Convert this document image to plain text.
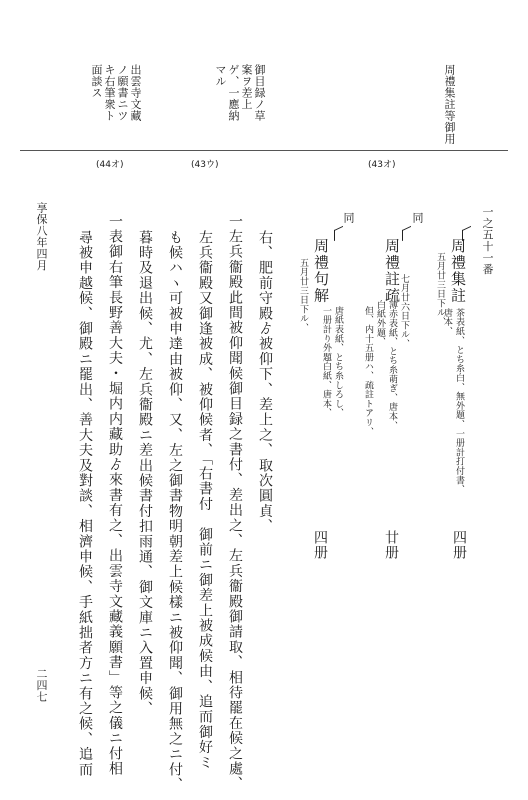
周禮集註等御用
御目録ノ草案ヲ差上ゲ、一應納マル
出雲寺文藏ノ願書ニツキ右筆衆ト面談ス
(43オ)
(43ウ)
(44オ)
一之五十一番
周禮集註
五月廿三日下ル、
茶表紙、とち糸白、無外題、一册計打付書、
唐本、
四册
同
周禮註疏
七月廿六日下ル、
薄赤表紙、とち糸萌ぎ、唐本、
白紙外題、
但、内十五册ハ、疏註トアリ、
廿册
同
周禮句解
五月廿三日下ル、
唐紙表紙、とち糸しろし、
一册計り外題白紙、唐本、
四册
右、肥前守殿ゟ被仰下、差上之、取次圓貞、
一左兵衞殿此間被仰聞候御目録之書付、差出之、左兵衞殿御請取、相待罷在候之處、
左兵衞殿又御逢被成、被仰候者、「右書付　御前ニ御差上被成候由、追而御好ミ
も候ハヽ可被申達由被仰、又、左之御書物明朝差上候樣ニ被仰聞、御用無之ニ付、
暮時及退出候、尤、左兵衞殿ニ差出候書付扣雨通、御文庫ニ入置申候、
一表御右筆長野善大夫・堀内内藏助ゟ來書有之、出雲寺文藏義願書」等之儀ニ付相
尋被申越候、御殿ニ罷出、善大夫及對談、相濟申候、手紙拙者方ニ有之候、追而
享保八年四月
二四七
